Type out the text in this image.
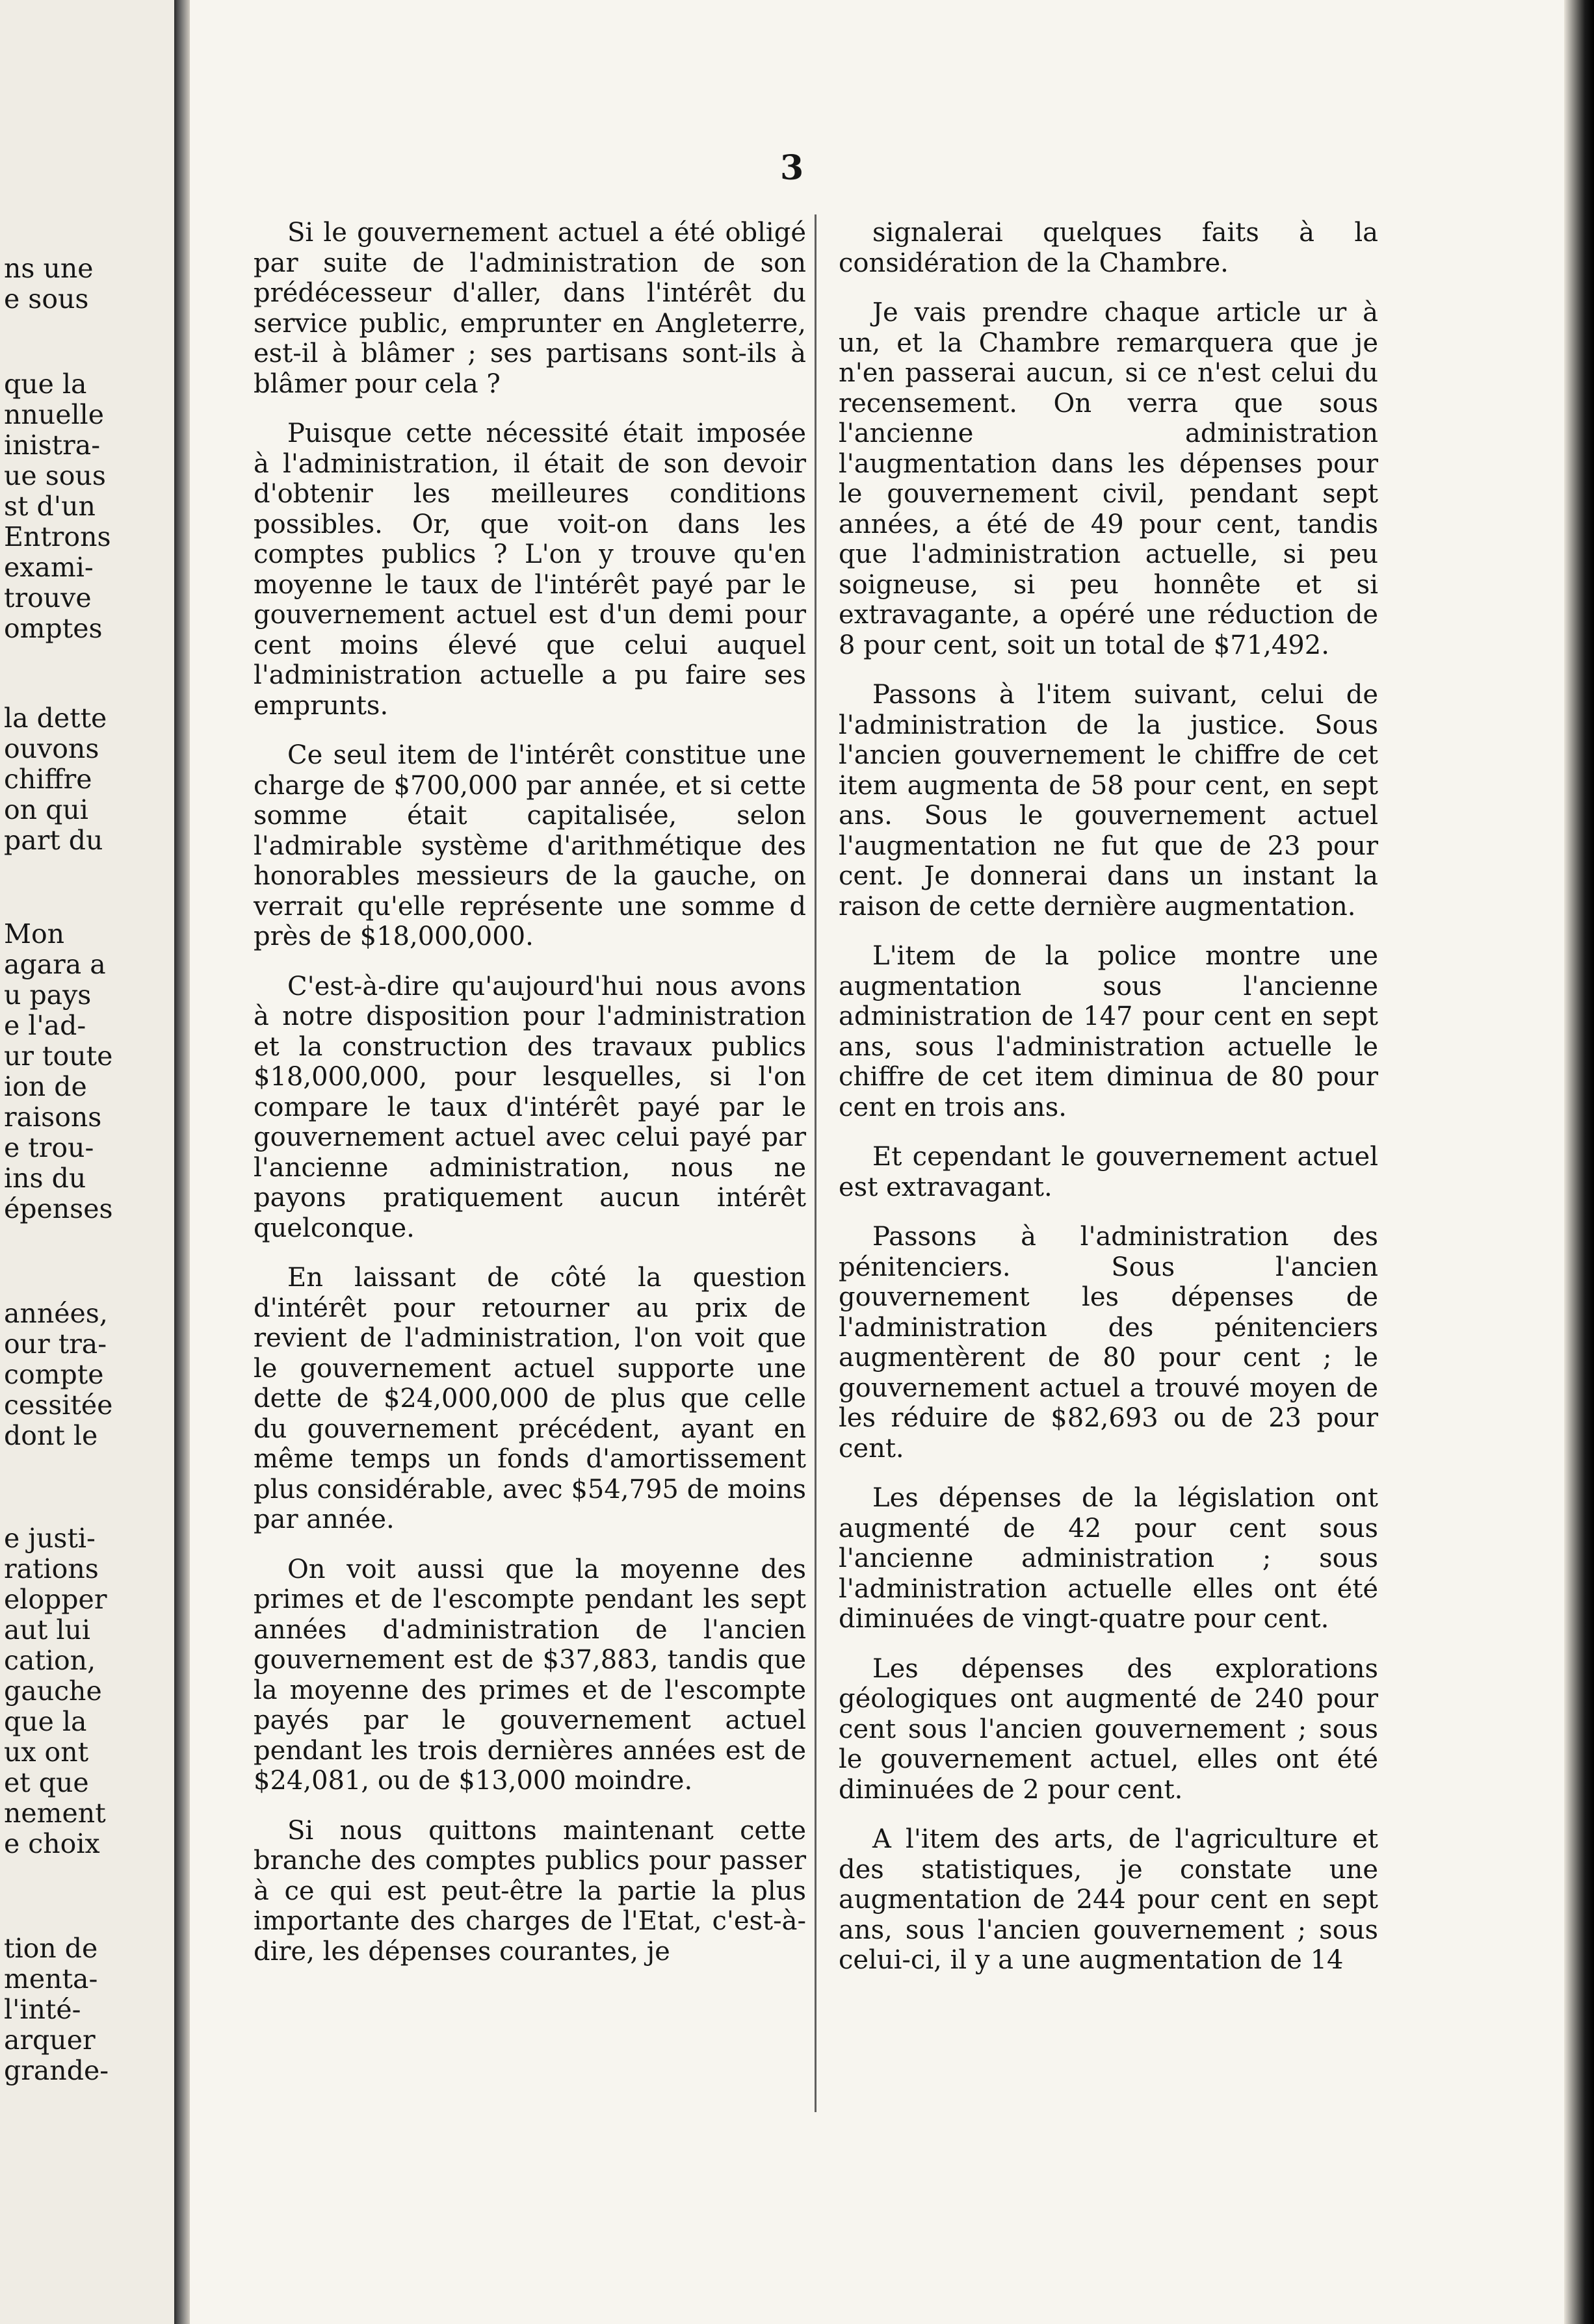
ns une
e sous
que la
nnuelle
inistra-
ue sous
st d'un
Entrons
exami-
trouve
omptes
la dette
ouvons
chiffre
on qui
part du
Mon
agara a
u pays
e l'ad-
ur toute
ion de
raisons
e trou-
ins du
épenses
années,
our tra-
compte
cessitée
dont le
e justi-
rations
elopper
aut lui
cation,
gauche
que la
ux ont
et que
nement
e choix
tion de
menta-
l'inté-
arquer
grande-
3

Si le gouvernement actuel a été obligé par suite de l'administration de son prédécesseur d'aller, dans l'intérêt du service public, emprunter en Angleterre, est-il à blâmer ; ses partisans sont-ils à blâmer pour cela ?

Puisque cette nécessité était imposée à l'administration, il était de son devoir d'obtenir les meilleures conditions possibles. Or, que voit-on dans les comptes publics ? L'on y trouve qu'en moyenne le taux de l'intérêt payé par le gouvernement actuel est d'un demi pour cent moins élevé que celui auquel l'administration actuelle a pu faire ses emprunts.

Ce seul item de l'intérêt constitue une charge de $700,000 par année, et si cette somme était capitalisée, selon l'admirable système d'arithmétique des honorables messieurs de la gauche, on verrait qu'elle représente une somme d près de $18,000,000.

C'est-à-dire qu'aujourd'hui nous avons à notre disposition pour l'administration et la construction des travaux publics $18,000,000, pour lesquelles, si l'on compare le taux d'intérêt payé par le gouvernement actuel avec celui payé par l'ancienne administration, nous ne payons pratiquement aucun intérêt quelconque.

En laissant de côté la question d'intérêt pour retourner au prix de revient de l'administration, l'on voit que le gouvernement actuel supporte une dette de $24,000,000 de plus que celle du gouvernement précédent, ayant en même temps un fonds d'amortissement plus considérable, avec $54,795 de moins par année.

On voit aussi que la moyenne des primes et de l'escompte pendant les sept années d'administration de l'ancien gouvernement est de $37,883, tandis que la moyenne des primes et de l'escompte payés par le gouvernement actuel pendant les trois dernières années est de $24,081, ou de $13,000 moindre.

Si nous quittons maintenant cette branche des comptes publics pour passer à ce qui est peut-être la partie la plus importante des charges de l'Etat, c'est-à-dire, les dépenses courantes, je

signalerai quelques faits à la considération de la Chambre.

Je vais prendre chaque article ur à un, et la Chambre remarquera que je n'en passerai aucun, si ce n'est celui du recensement. On verra que sous l'ancienne administration l'augmentation dans les dépenses pour le gouvernement civil, pendant sept années, a été de 49 pour cent, tandis que l'administration actuelle, si peu soigneuse, si peu honnête et si extravagante, a opéré une réduction de 8 pour cent, soit un total de $71,492.

Passons à l'item suivant, celui de l'administration de la justice. Sous l'ancien gouvernement le chiffre de cet item augmenta de 58 pour cent, en sept ans. Sous le gouvernement actuel l'augmentation ne fut que de 23 pour cent. Je donnerai dans un instant la raison de cette dernière augmentation.

L'item de la police montre une augmentation sous l'ancienne administration de 147 pour cent en sept ans, sous l'administration actuelle le chiffre de cet item diminua de 80 pour cent en trois ans.

Et cependant le gouvernement actuel est extravagant.

Passons à l'administration des pénitenciers. Sous l'ancien gouvernement les dépenses de l'administration des pénitenciers augmentèrent de 80 pour cent ; le gouvernement actuel a trouvé moyen de les réduire de $82,693 ou de 23 pour cent.

Les dépenses de la législation ont augmenté de 42 pour cent sous l'ancienne administration ; sous l'administration actuelle elles ont été diminuées de vingt-quatre pour cent.

Les dépenses des explorations géologiques ont augmenté de 240 pour cent sous l'ancien gouvernement ; sous le gouvernement actuel, elles ont été diminuées de 2 pour cent.

A l'item des arts, de l'agriculture et des statistiques, je constate une augmentation de 244 pour cent en sept ans, sous l'ancien gouvernement ; sous celui-ci, il y a une augmentation de 14
